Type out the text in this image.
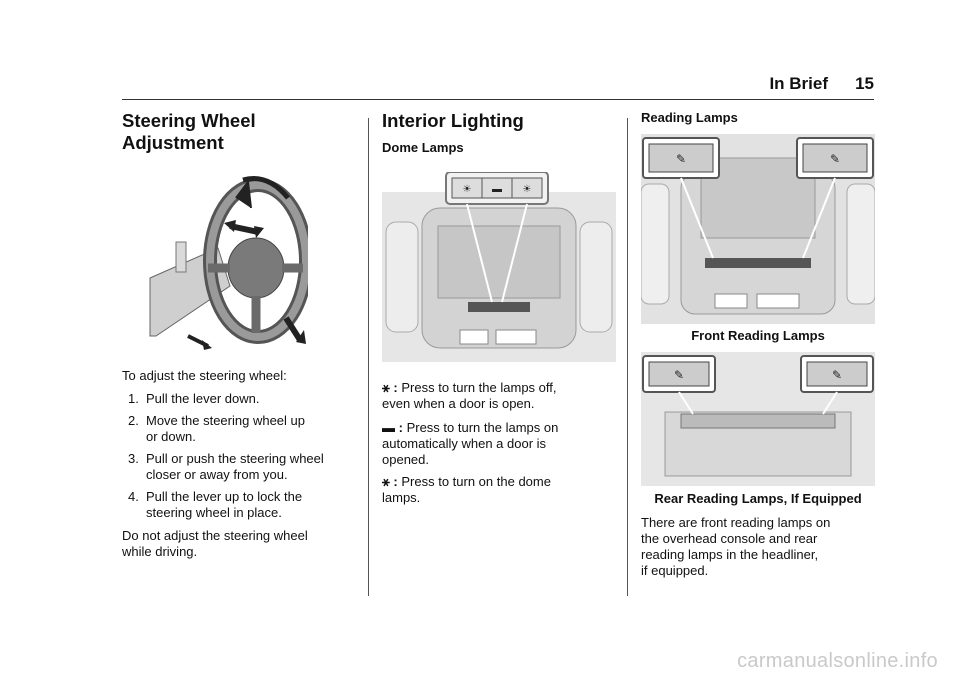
In Brief 15
Steering Wheel
Adjustment

To adjust the steering wheel:

1. Pull the lever down.
2. Move the steering wheel up
or down.
3. Pull or push the steering wheel
closer or away from you.
4. Pull the lever up to lock the
steering wheel in place.

Do not adjust the steering wheel
while driving.

Interior Lighting
Dome Lamps
☀ ▬ ☀

⚹ : Press to turn the lamps off,
even when a door is open.

▬ : Press to turn the lamps on
automatically when a door is
opened.

⚹ : Press to turn on the dome
lamps.

Reading Lamps
✎	✎
Front Reading Lamps
✎	✎
Rear Reading Lamps, If Equipped

There are front reading lamps on
the overhead console and rear
reading lamps in the headliner,
if equipped.

carmanualsonline.info
